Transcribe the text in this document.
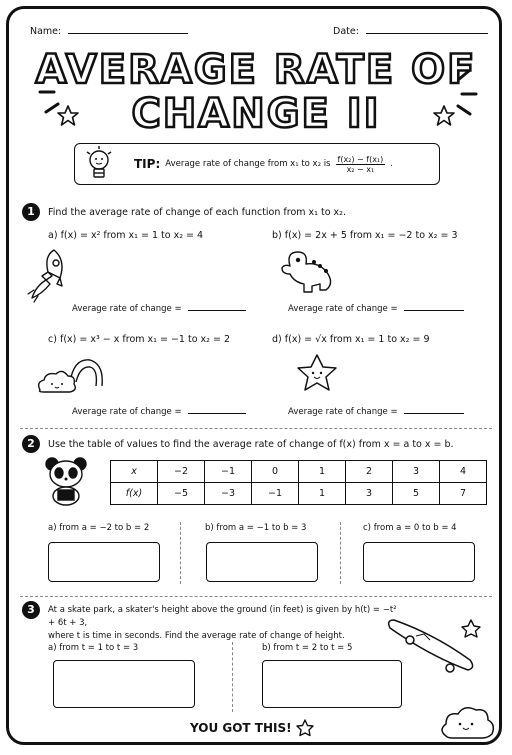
Name:	Date:
AVERAGE RATE OF
CHANGE II
TIP: Average rate of change from x₁ to x₂ is $\frac{\text{f(x₂) − f(x₁)}}{\text{x₂ − x₁}}$ .
1	Find the average rate of change of each function from x₁ to x₂.
a) f(x) = x² from x₁ = 1 to x₂ = 4	b) f(x) = 2x + 5 from x₁ = −2 to x₂ = 3
Average rate of change =	Average rate of change =
c) f(x) = x³ − x from x₁ = −1 to x₂ = 2	d) f(x) = √x from x₁ = 1 to x₂ = 9
Average rate of change =	Average rate of change =
2	Use the table of values to find the average rate of change of f(x) from x = a to x = b.
x	−2	−1	0	1	2	3	4
f(x)	−5	−3	−1	1	3	5	7
a) from a = −2 to b = 2	b) from a = −1 to b = 3	c) from a = 0 to b = 4
3	At a skate park, a skater's height above the ground (in feet) is given by h(t) = −t² + 6t + 3,
where t is time in seconds. Find the average rate of change of height.
a) from t = 1 to t = 3	b) from t = 2 to t = 5
YOU GOT THIS!
